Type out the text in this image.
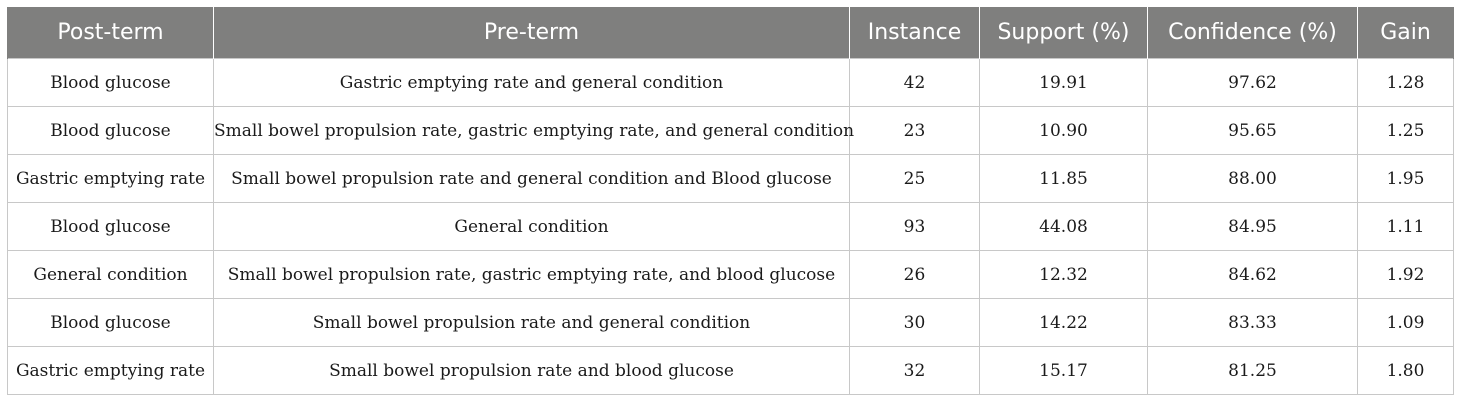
Post-term	Pre-term	Instance	Support (%)	Confidence (%)	Gain
Blood glucose	Gastric emptying rate and general condition	42	19.91	97.62	1.28
Blood glucose	Small bowel propulsion rate, gastric emptying rate, and general condition	23	10.90	95.65	1.25
Gastric emptying rate	Small bowel propulsion rate and general condition and Blood glucose	25	11.85	88.00	1.95
Blood glucose	General condition	93	44.08	84.95	1.11
General condition	Small bowel propulsion rate, gastric emptying rate, and blood glucose	26	12.32	84.62	1.92
Blood glucose	Small bowel propulsion rate and general condition	30	14.22	83.33	1.09
Gastric emptying rate	Small bowel propulsion rate and blood glucose	32	15.17	81.25	1.80
